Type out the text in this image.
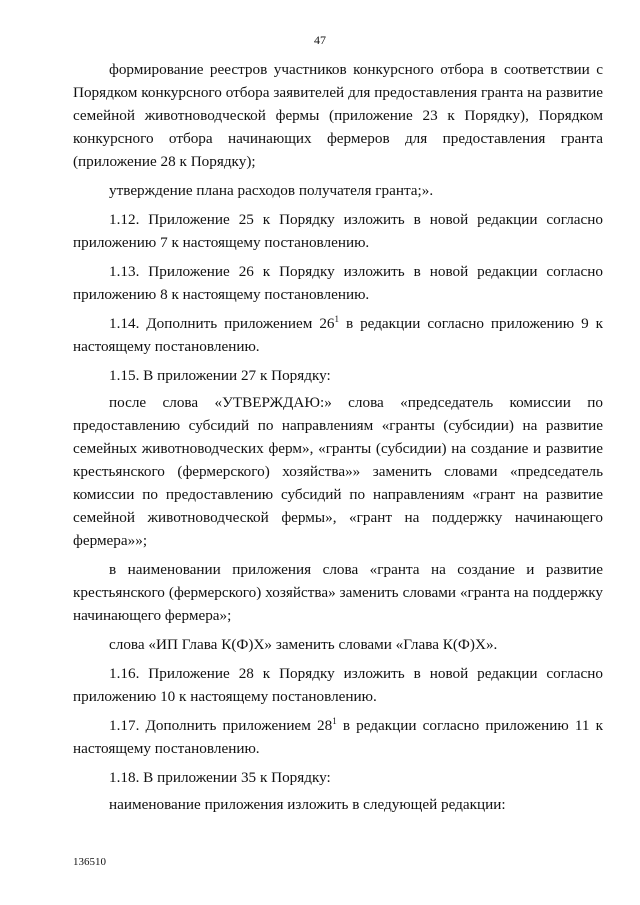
47

формирование реестров участников конкурсного отбора в соответствии с Порядком конкурсного отбора заявителей для предоставления гранта на развитие семейной животноводческой фермы (приложение 23 к Порядку), Порядком конкурсного отбора начинающих фермеров для предоставления гранта (приложение 28 к Порядку);

утверждение плана расходов получателя гранта;».

1.12. Приложение 25 к Порядку изложить в новой редакции согласно приложению 7 к настоящему постановлению.

1.13. Приложение 26 к Порядку изложить в новой редакции согласно приложению 8 к настоящему постановлению.

1.14. Дополнить приложением $26^1$ в редакции согласно приложению 9 к настоящему постановлению.

1.15. В приложении 27 к Порядку:

после слова «УТВЕРЖДАЮ:» слова «председатель комиссии по предоставлению субсидий по направлениям «гранты (субсидии) на развитие семейных животноводческих ферм», «гранты (субсидии) на создание и развитие крестьянского (фермерского) хозяйства»» заменить словами «председатель комиссии по предоставлению субсидий по направлениям «грант на развитие семейной животноводческой фермы», «грант на поддержку начинающего фермера»»;

в наименовании приложения слова «гранта на создание и развитие крестьянского (фермерского) хозяйства» заменить словами «гранта на поддержку начинающего фермера»;

слова «ИП Глава К(Ф)Х» заменить словами «Глава К(Ф)Х».

1.16. Приложение 28 к Порядку изложить в новой редакции согласно приложению 10 к настоящему постановлению.

1.17. Дополнить приложением $28^1$ в редакции согласно приложению 11 к настоящему постановлению.

1.18. В приложении 35 к Порядку:

наименование приложения изложить в следующей редакции:

136510
